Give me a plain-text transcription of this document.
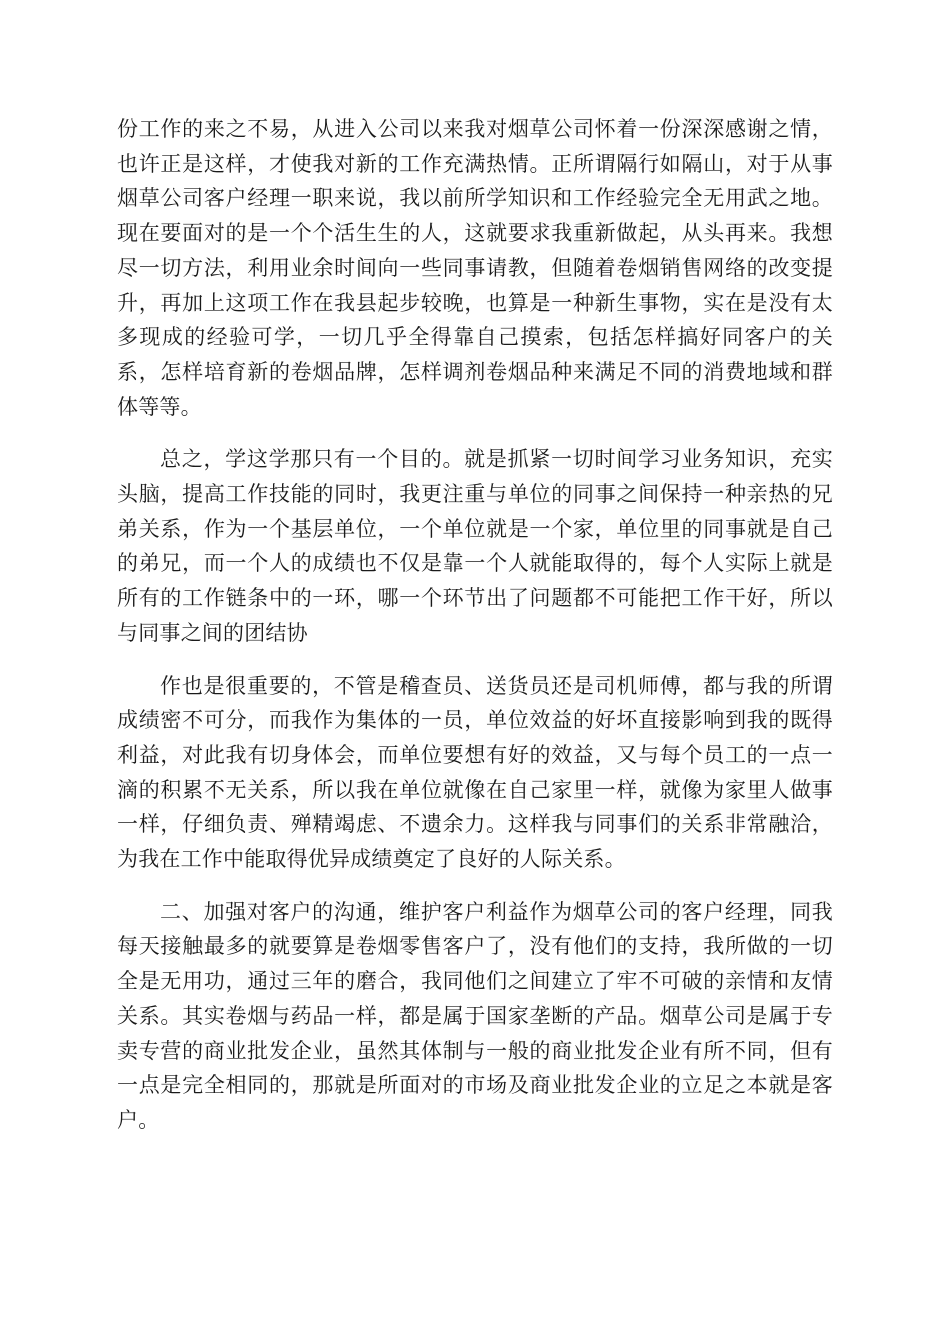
份工作的来之不易，从进入公司以来我对烟草公司怀着一份深深感谢之情，也许正是这样，才使我对新的工作充满热情。正所谓隔行如隔山，对于从事烟草公司客户经理一职来说，我以前所学知识和工作经验完全无用武之地。现在要面对的是一个个活生生的人，这就要求我重新做起，从头再来。我想尽一切方法，利用业余时间向一些同事请教，但随着卷烟销售网络的改变提升，再加上这项工作在我县起步较晚，也算是一种新生事物，实在是没有太多现成的经验可学，一切几乎全得靠自己摸索，包括怎样搞好同客户的关系，怎样培育新的卷烟品牌，怎样调剂卷烟品种来满足不同的消费地域和群体等等。

总之，学这学那只有一个目的。就是抓紧一切时间学习业务知识，充实头脑，提高工作技能的同时，我更注重与单位的同事之间保持一种亲热的兄弟关系，作为一个基层单位，一个单位就是一个家，单位里的同事就是自己的弟兄，而一个人的成绩也不仅是靠一个人就能取得的，每个人实际上就是所有的工作链条中的一环，哪一个环节出了问题都不可能把工作干好，所以与同事之间的团结协

作也是很重要的，不管是稽查员、送货员还是司机师傅，都与我的所谓成绩密不可分，而我作为集体的一员，单位效益的好坏直接影响到我的既得利益，对此我有切身体会，而单位要想有好的效益，又与每个员工的一点一滴的积累不无关系，所以我在单位就像在自己家里一样，就像为家里人做事一样，仔细负责、殚精竭虑、不遗余力。这样我与同事们的关系非常融洽，为我在工作中能取得优异成绩奠定了良好的人际关系。

二、加强对客户的沟通，维护客户利益作为烟草公司的客户经理，同我每天接触最多的就要算是卷烟零售客户了，没有他们的支持，我所做的一切全是无用功，通过三年的磨合，我同他们之间建立了牢不可破的亲情和友情关系。其实卷烟与药品一样，都是属于国家垄断的产品。烟草公司是属于专卖专营的商业批发企业，虽然其体制与一般的商业批发企业有所不同，但有一点是完全相同的，那就是所面对的市场及商业批发企业的立足之本就是客户。
